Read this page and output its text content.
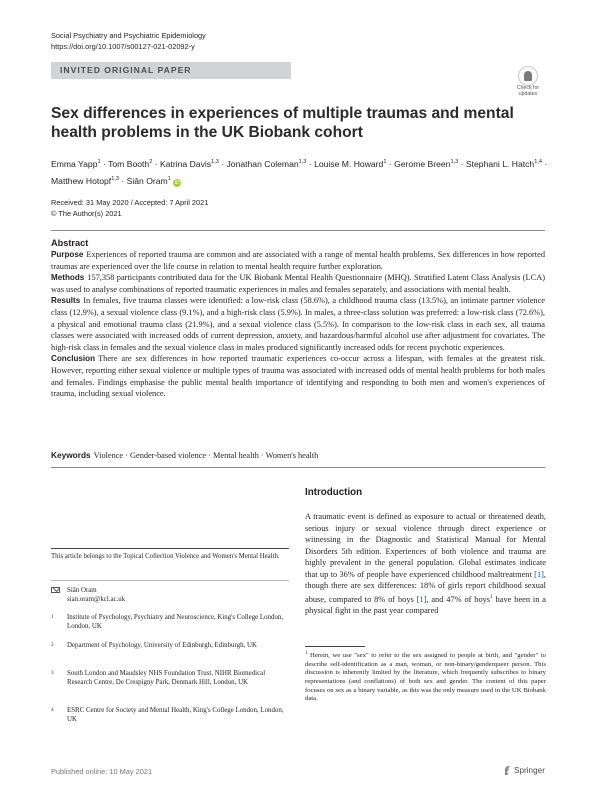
Social Psychiatry and Psychiatric Epidemiology
https://doi.org/10.1007/s00127-021-02092-y
INVITED ORIGINAL PAPER
Check for updates
Sex differences in experiences of multiple traumas and mental health problems in the UK Biobank cohort
Emma Yapp$^1$ · Tom Booth$^2$ · Katrina Davis$^{1,3}$ · Jonathan Coleman$^{1,3}$ · Louise M. Howard$^1$ · Gerome Breen$^{1,3}$ · Stephani L. Hatch$^{1,4}$ · Matthew Hotopf$^{1,3}$ · Siân Oram$^1$ iD
Received: 31 May 2020 / Accepted: 7 April 2021
© The Author(s) 2021
Abstract

Purpose Experiences of reported trauma are common and are associated with a range of mental health problems. Sex differences in how reported traumas are experienced over the life course in relation to mental health require further exploration.

Methods 157,358 participants contributed data for the UK Biobank Mental Health Questionnaire (MHQ). Stratified Latent Class Analysis (LCA) was used to analyse combinations of reported traumatic experiences in males and females separately, and associations with mental health.

Results In females, five trauma classes were identified: a low-risk class (58.6%), a childhood trauma class (13.5%), an intimate partner violence class (12.9%), a sexual violence class (9.1%), and a high-risk class (5.9%). In males, a three-class solution was preferred: a low-risk class (72.6%), a physical and emotional trauma class (21.9%), and a sexual violence class (5.5%). In comparison to the low-risk class in each sex, all trauma classes were associated with increased odds of current depression, anxiety, and hazardous/harmful alcohol use after adjustment for covariates. The high-risk class in females and the sexual violence class in males produced significantly increased odds for recent psychotic experiences.

Conclusion There are sex differences in how reported traumatic experiences co-occur across a lifespan, with females at the greatest risk. However, reporting either sexual violence or multiple types of trauma was associated with increased odds of mental health problems for both males and females. Findings emphasise the public mental health importance of identifying and responding to both men and women's experiences of trauma, including sexual violence.

Keywords Violence · Gender-based violence · Mental health · Women's health
Introduction
A traumatic event is defined as exposure to actual or threatened death, serious injury or sexual violence through direct experience or witnessing in the Diagnostic and Statistical Manual for Mental Disorders 5th edition. Experiences of both violence and trauma are highly prevalent in the general population. Global estimates indicate that up to 36% of people have experienced childhood maltreatment [1], though there are sex differences: 18% of girls report childhood sexual abuse, compared to 8% of boys [1], and 47% of boys$^1$ have been in a physical fight in the past year compared
$^1$ Herein, we use "sex" to refer to the sex assigned to people at birth, and "gender" to describe self-identification as a man, woman, or non-binary/genderqueer person. This discussion is inherently limited by the literature, which frequently subscribes to binary representations (and conflations) of both sex and gender. The content of this paper focuses on sex as a binary variable, as this was the only measure used in the UK Biobank data.
This article belongs to the Topical Collection Violence and Women's Mental Health.
Siân Oram
sian.oram@kcl.ac.uk
1 Institute of Psychology, Psychiatry and Neuroscience, King's College London, London, UK
2 Department of Psychology, University of Edinburgh, Edinburgh, UK
3 South London and Maudsley NHS Foundation Trust, NIHR Biomedical Research Centre, De Crespigny Park, Denmark Hill, London, UK
4 ESRC Centre for Society and Mental Health, King's College London, London, UK
Published online: 10 May 2021	Springer
